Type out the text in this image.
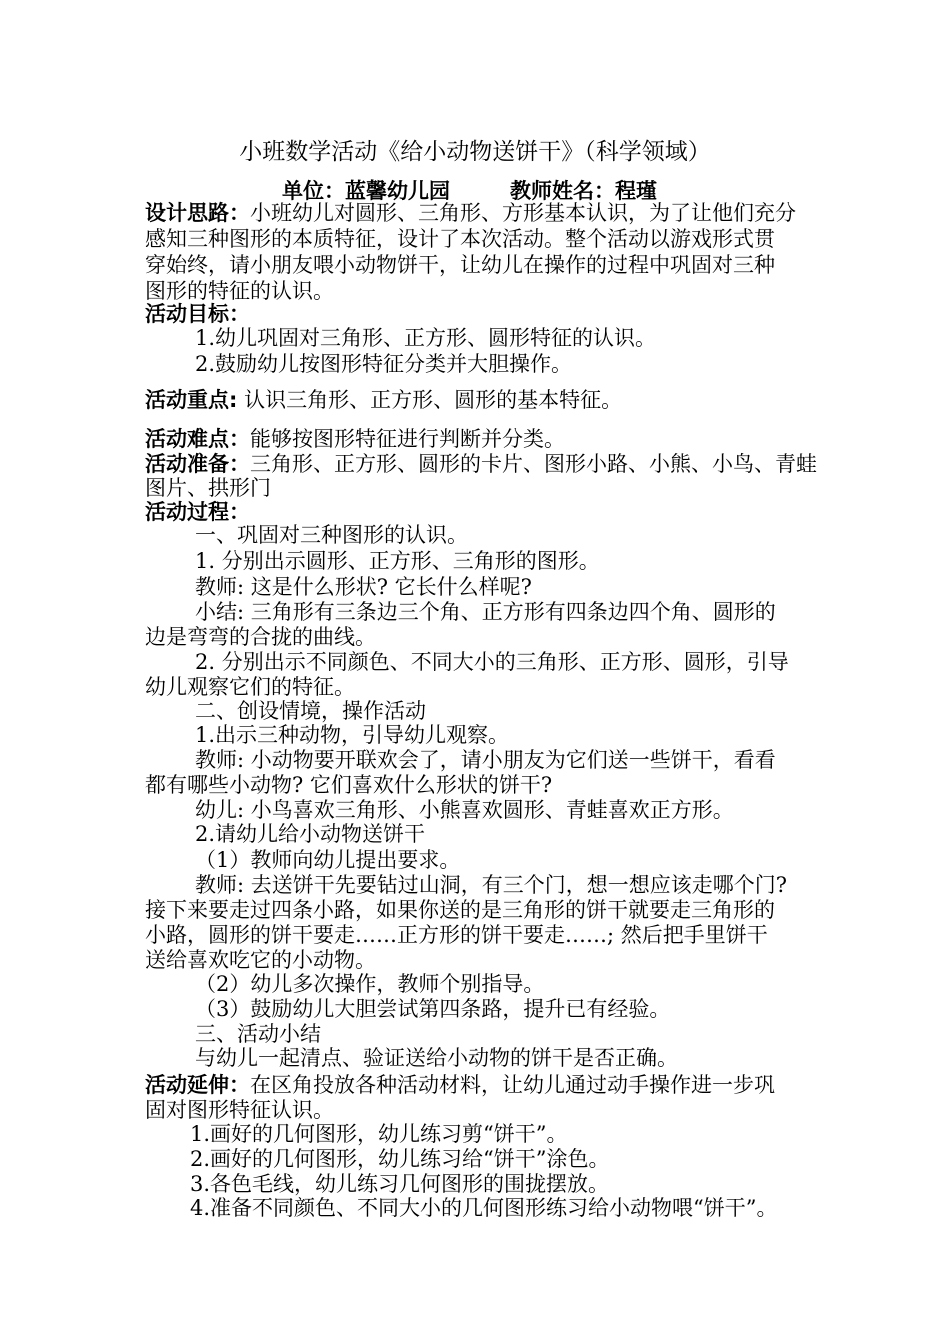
小班数学活动《给小动物送饼干》（科学领域）
单位：蓝馨幼儿园	教师姓名：程瑾
设计思路：小班幼儿对圆形、三角形、方形基本认识，为了让他们充分
感知三种图形的本质特征，设计了本次活动。整个活动以游戏形式贯
穿始终，请小朋友喂小动物饼干，让幼儿在操作的过程中巩固对三种
图形的特征的认识。
活动目标：
1.幼儿巩固对三角形、正方形、圆形特征的认识。
2.鼓励幼儿按图形特征分类并大胆操作。
活动重点: 认识三角形、正方形、圆形的基本特征。
活动难点：能够按图形特征进行判断并分类。
活动准备：三角形、正方形、圆形的卡片、图形小路、小熊、小鸟、青蛙
图片、拱形门
活动过程：
一、巩固对三种图形的认识。
1. 分别出示圆形、正方形、三角形的图形。
教师: 这是什么形状? 它长什么样呢?
小结: 三角形有三条边三个角、正方形有四条边四个角、圆形的
边是弯弯的合拢的曲线。
2. 分别出示不同颜色、不同大小的三角形、正方形、圆形，引导
幼儿观察它们的特征。
二、创设情境，操作活动
1.出示三种动物，引导幼儿观察。
教师: 小动物要开联欢会了，请小朋友为它们送一些饼干，看看
都有哪些小动物? 它们喜欢什么形状的饼干?
幼儿: 小鸟喜欢三角形、小熊喜欢圆形、青蛙喜欢正方形。
2.请幼儿给小动物送饼干
（1）教师向幼儿提出要求。
教师: 去送饼干先要钻过山洞，有三个门，想一想应该走哪个门?
接下来要走过四条小路，如果你送的是三角形的饼干就要走三角形的
小路，圆形的饼干要走……正方形的饼干要走……; 然后把手里饼干
送给喜欢吃它的小动物。
（2）幼儿多次操作，教师个别指导。
（3）鼓励幼儿大胆尝试第四条路，提升已有经验。
三、活动小结
与幼儿一起清点、验证送给小动物的饼干是否正确。
活动延伸：在区角投放各种活动材料，让幼儿通过动手操作进一步巩
固对图形特征认识。
1.画好的几何图形，幼儿练习剪“饼干”。
2.画好的几何图形，幼儿练习给“饼干”涂色。
3.各色毛线，幼儿练习几何图形的围拢摆放。
4.准备不同颜色、不同大小的几何图形练习给小动物喂“饼干”。
